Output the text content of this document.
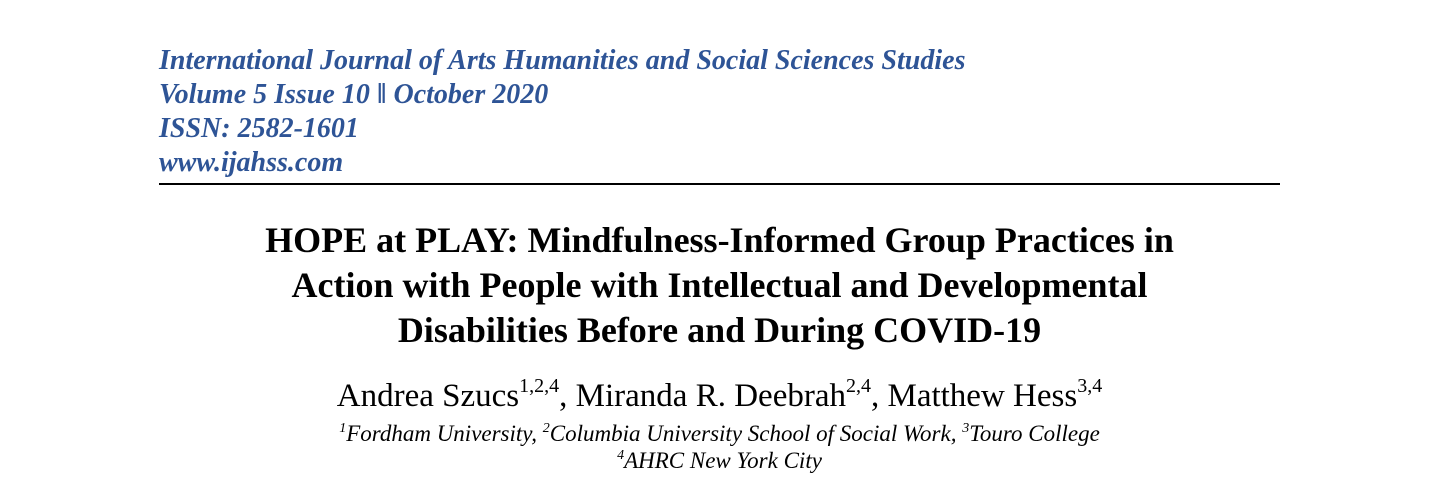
International Journal of Arts Humanities and Social Sciences Studies
Volume 5 Issue 10 ǁ October 2020
ISSN: 2582-1601
www.ijahss.com
HOPE at PLAY: Mindfulness-Informed Group Practices in
Action with People with Intellectual and Developmental
Disabilities Before and During COVID-19
Andrea Szucs$^{1,2,4}$, Miranda R. Deebrah$^{2,4}$, Matthew Hess$^{3,4}$
$^1$Fordham University, $^2$Columbia University School of Social Work, $^3$Touro College
$^4$AHRC New York City
